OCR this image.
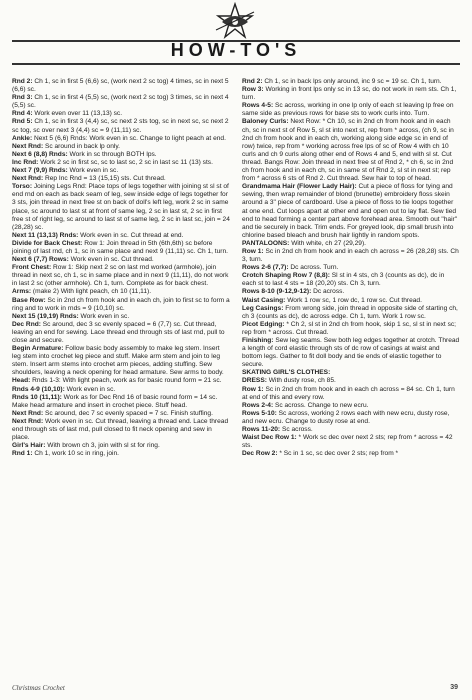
HOW-TO'S

Rnd 2: Ch 1, sc in first 5 (6,6) sc, (work next 2 sc tog) 4 times, sc in next 5 (6,6) sc.

Rnd 3: Ch 1, sc in first 4 (5,5) sc, (work next 2 sc tog) 3 times, sc in next 4 (5,5) sc.

Rnd 4: Work even over 11 (13,13) sc.

Rnd 5: Ch 1, sc in first 3 (4,4) sc, sc next 2 sts tog, sc in next sc, sc next 2 sc tog, sc over next 3 (4,4) sc = 9 (11,11) sc.

Ankle: Next 5 (6,6) Rnds: Work even in sc. Change to light peach at end.

Next Rnd: Sc around in back lp only.

Next 6 (8,8) Rnds: Work in sc through BOTH lps.

Inc Rnd: Work 2 sc in first sc, sc to last sc, 2 sc in last sc 11 (13) sts.

Next 7 (9,9) Rnds: Work even in sc.

Next Rnd: Rep Inc Rnd = 13 (15,15) sts. Cut thread.

Torso: Joining Legs Rnd: Place tops of legs together with joining st sl st of end rnd on each as back seam of leg, sew inside edge of legs together for 3 sts, join thread in next free st on back of doll's left leg, work 2 sc in same place, sc around to last st at front of same leg, 2 sc in last st, 2 sc in first free st of right leg, sc around to last st of same leg, 2 sc in last sc, join = 24 (28,28) sc.

Next 11 (13,13) Rnds: Work even in sc. Cut thread at end.

Divide for Back Chest: Row 1: Join thread in 5th (6th,6th) sc before joining of last rnd, ch 1, sc in same place and next 9 (11,11) sc. Ch 1, turn.

Next 6 (7,7) Rows: Work even in sc. Cut thread.

Front Chest: Row 1: Skip next 2 sc on last rnd worked (armhole), join thread in next sc, ch 1, sc in same place and in next 9 (11,11), do not work in last 2 sc (other armhole). Ch 1, turn. Complete as for back chest.

Arms: (make 2) With light peach, ch 10 (11,11).

Base Row: Sc in 2nd ch from hook and in each ch, join to first sc to form a ring and to work in rnds = 9 (10,10) sc.

Next 15 (19,19) Rnds: Work even in sc.

Dec Rnd: Sc around, dec 3 sc evenly spaced = 6 (7,7) sc. Cut thread, leaving an end for sewing. Lace thread end through sts of last rnd, pull to close and secure.

Begin Armature: Follow basic body assembly to make leg stem. Insert leg stem into crochet leg piece and stuff. Make arm stem and join to leg stem. Insert arm stems into crochet arm pieces, adding stuffing. Sew shoulders, leaving a neck opening for head armature. Sew arms to body.

Head: Rnds 1-3: With light peach, work as for basic round form = 21 sc.

Rnds 4-9 (10,10): Work even in sc.

Rnds 10 (11,11): Work as for Dec Rnd 16 of basic round form = 14 sc. Make head armature and insert in crochet piece. Stuff head.

Next Rnd: Sc around, dec 7 sc evenly spaced = 7 sc. Finish stuffing.

Next Rnd: Work even in sc. Cut thread, leaving a thread end. Lace thread end through sts of last rnd, pull closed to fit neck opening and sew in place.

Girl's Hair: With brown ch 3, join with sl st for ring.

Rnd 1: Ch 1, work 10 sc in ring, join.

Rnd 2: Ch 1, sc in back lps only around, inc 9 sc = 19 sc. Ch 1, turn.

Row 3: Working in front lps only sc in 13 sc, do not work in rem sts. Ch 1, turn.

Rows 4-5: Sc across, working in one lp only of each st leaving lp free on same side as previous rows for base sts to work curls into. Turn.

Baloney Curls: Next Row: * Ch 10, sc in 2nd ch from hook and in each ch, sc in next st of Row 5, sl st into next st, rep from * across, (ch 9, sc in 2nd ch from hook and in each ch, working along side edge sc in end of row) twice, rep from * working across free lps of sc of Row 4 with ch 10 curls and ch 9 curls along other end of Rows 4 and 5, end with sl st. Cut thread. Bangs Row: Join thread in next free st of Rnd 2, * ch 6, sc in 2nd ch from hook and in each ch, sc in same st of Rnd 2, sl st in next st; rep from * across 6 sts of Rnd 2. Cut thread. Sew hair to top of head.

Grandmama Hair (Flower Lady Hair): Cut a piece of floss for tying and sewing, then wrap remainder of blond (brunette) embroidery floss skein around a 3" piece of cardboard. Use a piece of floss to tie loops together at one end. Cut loops apart at other end and open out to lay flat. Sew tied end to head forming a center part above forehead area. Smooth out "hair" and tie securely in back. Trim ends. For greyed look, dip small brush into chlorine based bleach and brush hair lightly in random spots.

PANTALOONS: With white, ch 27 (29,29).

Row 1: Sc in 2nd ch from hook and in each ch across = 26 (28,28) sts. Ch 3, turn.

Rows 2-6 (7,7): Dc across. Turn.

Crotch Shaping Row 7 (8,8): Sl st in 4 sts, ch 3 (counts as dc), dc in each st to last 4 sts = 18 (20,20) sts. Ch 3, turn.

Rows 8-10 (9-12,9-12): Dc across.

Waist Casing: Work 1 row sc, 1 row dc, 1 row sc. Cut thread.

Leg Casings: From wrong side, join thread in opposite side of starting ch, ch 3 (counts as dc), dc across edge. Ch 1, turn. Work 1 row sc.

Picot Edging: * Ch 2, sl st in 2nd ch from hook, skip 1 sc, sl st in next sc; rep from * across. Cut thread.

Finishing: Sew leg seams. Sew both leg edges together at crotch. Thread a length of cord elastic through sts of dc row of casings at waist and bottom legs. Gather to fit doll body and tie ends of elastic together to secure.

SKATING GIRL'S CLOTHES:

DRESS: With dusty rose, ch 85.

Row 1: Sc in 2nd ch from hook and in each ch across = 84 sc. Ch 1, turn at end of this and every row.

Rows 2-4: Sc across. Change to new ecru.

Rows 5-10: Sc across, working 2 rows each with new ecru, dusty rose, and new ecru. Change to dusty rose at end.

Rows 11-20: Sc across.

Waist Dec Row 1: * Work sc dec over next 2 sts; rep from * across = 42 sts.

Dec Row 2: * Sc in 1 sc, sc dec over 2 sts; rep from *

Christmas Crochet	39
